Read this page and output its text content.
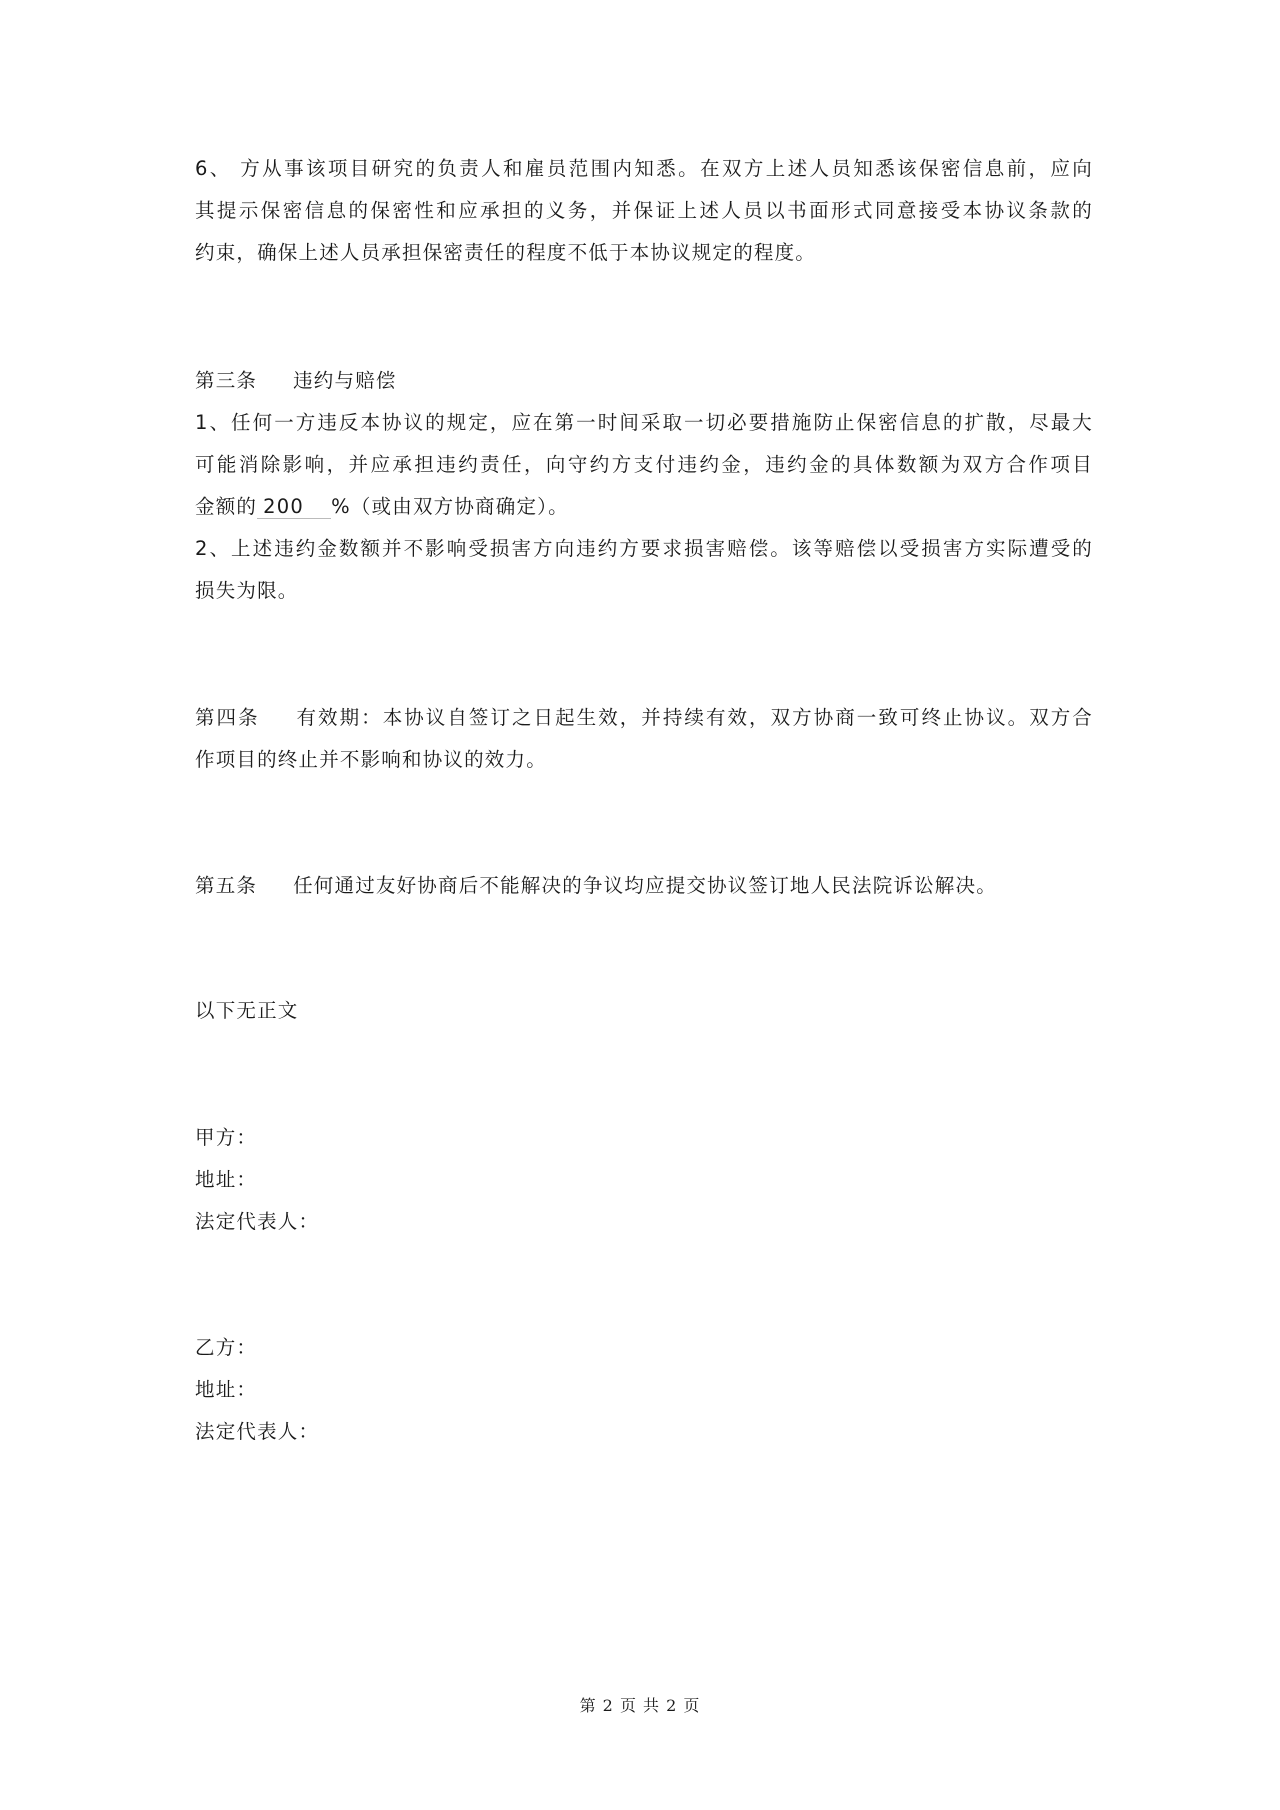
6、 方从事该项目研究的负责人和雇员范围内知悉。在双方上述人员知悉该保密信息前，应向
其提示保密信息的保密性和应承担的义务，并保证上述人员以书面形式同意接受本协议条款的
约束，确保上述人员承担保密责任的程度不低于本协议规定的程度。
第三条 违约与赔偿
1、任何一方违反本协议的规定，应在第一时间采取一切必要措施防止保密信息的扩散，尽最大
可能消除影响，并应承担违约责任，向守约方支付违约金，违约金的具体数额为双方合作项目
金额的 200 %（或由双方协商确定）。
2、上述违约金数额并不影响受损害方向违约方要求损害赔偿。该等赔偿以受损害方实际遭受的
损失为限。
第四条 有效期：本协议自签订之日起生效，并持续有效，双方协商一致可终止协议。双方合
作项目的终止并不影响和协议的效力。
第五条 任何通过友好协商后不能解决的争议均应提交协议签订地人民法院诉讼解决。
以下无正文
甲方：
地址：
法定代表人：
乙方：
地址：
法定代表人：
第 2 页 共 2 页
